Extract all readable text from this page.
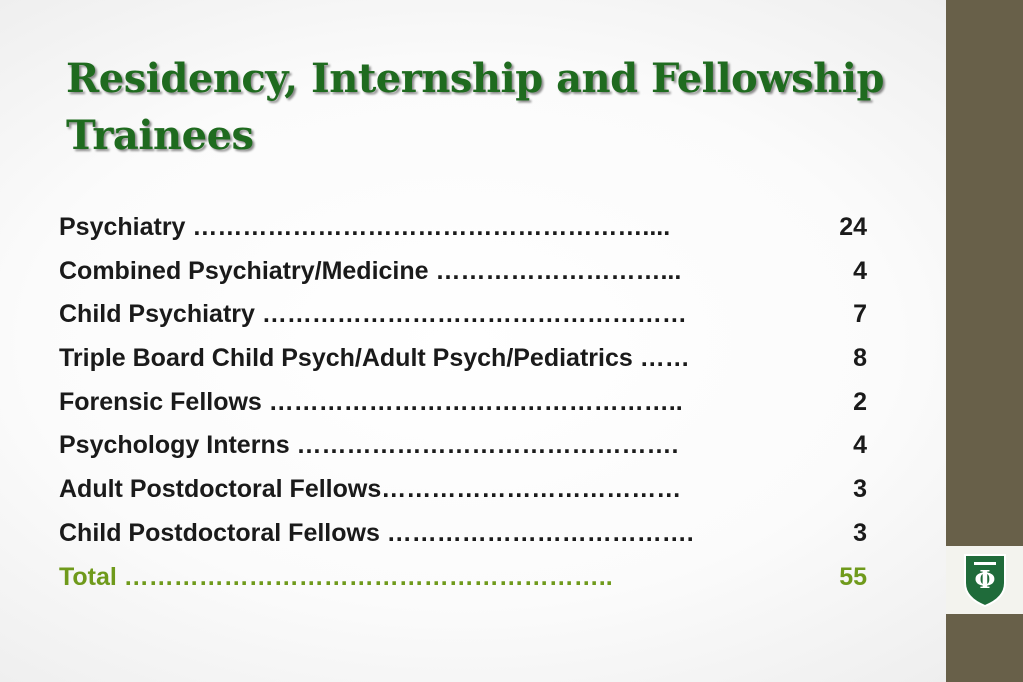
Residency, Internship and Fellowship Trainees
Psychiatry ………………………………………………....	24
Combined Psychiatry/Medicine ………………………...	4
Child Psychiatry ……………………………………………	7
Triple Board Child Psych/Adult Psych/Pediatrics ……	8
Forensic Fellows …………………………………………..	2
Psychology Interns ……………………………………….	4
Adult Postdoctoral Fellows………………………………	3
Child Postdoctoral Fellows ……………………………….	3
Total …………………………………………………..	55	Φ
